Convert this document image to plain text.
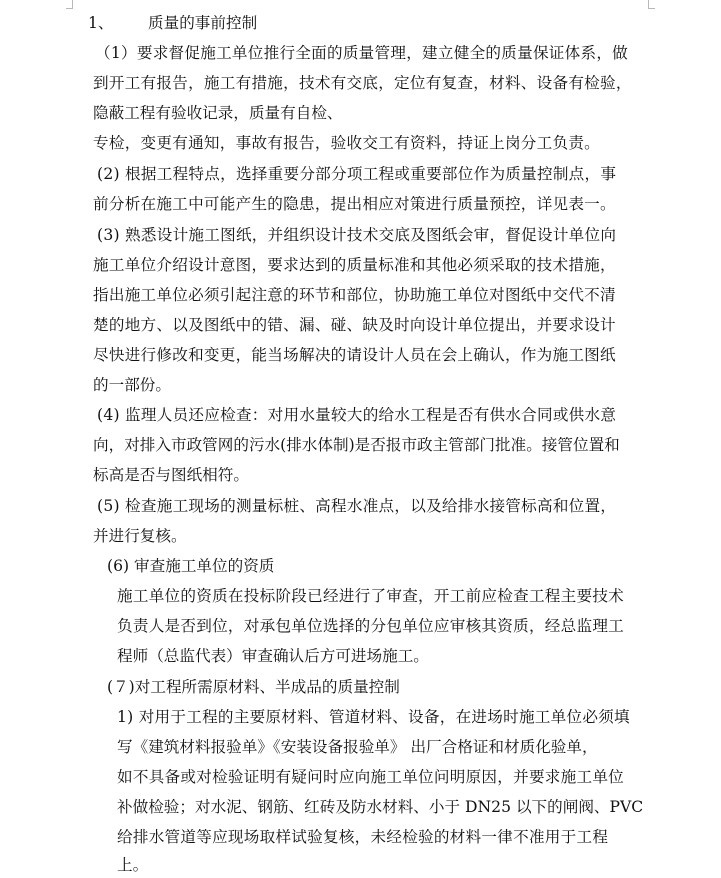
1、 质量的事前控制
（1）要求督促施工单位推行全面的质量管理，建立健全的质量保证体系，做
到开工有报告，施工有措施，技术有交底，定位有复查，材料、设备有检验，
隐蔽工程有验收记录，质量有自检、
专检，变更有通知，事故有报告，验收交工有资料，持证上岗分工负责。
(2) 根据工程特点，选择重要分部分项工程或重要部位作为质量控制点，事
前分析在施工中可能产生的隐患，提出相应对策进行质量预控，详见表一。
(3) 熟悉设计施工图纸，并组织设计技术交底及图纸会审，督促设计单位向
施工单位介绍设计意图，要求达到的质量标准和其他必须采取的技术措施，
指出施工单位必须引起注意的环节和部位，协助施工单位对图纸中交代不清
楚的地方、以及图纸中的错、漏、碰、缺及时向设计单位提出，并要求设计
尽快进行修改和变更，能当场解决的请设计人员在会上确认，作为施工图纸
的一部份。
(4) 监理人员还应检查：对用水量较大的给水工程是否有供水合同或供水意
向，对排入市政管网的污水(排水体制)是否报市政主管部门批准。接管位置和
标高是否与图纸相符。
(5) 检查施工现场的测量标桩、高程水准点，以及给排水接管标高和位置，
并进行复核。
(6) 审查施工单位的资质
施工单位的资质在投标阶段已经进行了审查，开工前应检查工程主要技术
负责人是否到位，对承包单位选择的分包单位应审核其资质，经总监理工
程师（总监代表）审查确认后方可进场施工。
(７)对工程所需原材料、半成品的质量控制
1) 对用于工程的主要原材料、管道材料、设备，在进场时施工单位必须填
写《建筑材料报验单》《安装设备报验单》 出厂合格证和材质化验单，
如不具备或对检验证明有疑问时应向施工单位问明原因，并要求施工单位
补做检验；对水泥、钢筋、红砖及防水材料、小于 DN25 以下的闸阀、PVC
给排水管道等应现场取样试验复核，未经检验的材料一律不准用于工程
上。
